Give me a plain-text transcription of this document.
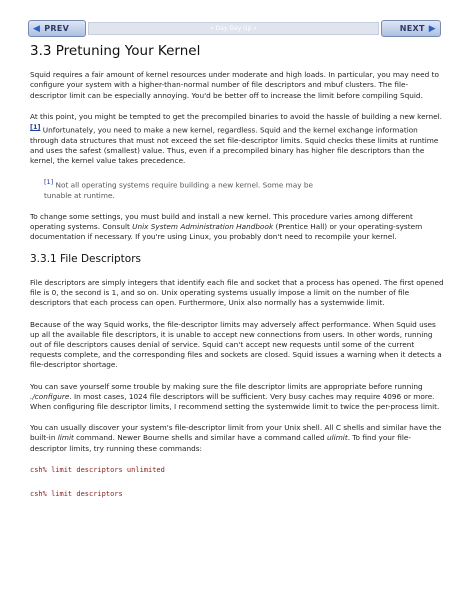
◀ PREV	« Day Day Up »	NEXT ▶
3.3 Pretuning Your Kernel

Squid requires a fair amount of kernel resources under moderate and high loads. In particular, you may need to configure your system with a higher-than-normal number of file descriptors and mbuf clusters. The file-descriptor limit can be especially annoying. You'd be better off to increase the limit before compiling Squid.

At this point, you might be tempted to get the precompiled binaries to avoid the hassle of building a new kernel. [1] Unfortunately, you need to make a new kernel, regardless. Squid and the kernel exchange information through data structures that must not exceed the set file-descriptor limits. Squid checks these limits at runtime and uses the safest (smallest) value. Thus, even if a precompiled binary has higher file descriptors than the kernel, the kernel value takes precedence.

[1] Not all operating systems require building a new kernel. Some may be tunable at runtime.

To change some settings, you must build and install a new kernel. This procedure varies among different operating systems. Consult Unix System Administration Handbook (Prentice Hall) or your operating-system documentation if necessary. If you're using Linux, you probably don't need to recompile your kernel.

3.3.1 File Descriptors

File descriptors are simply integers that identify each file and socket that a process has opened. The first opened file is 0, the second is 1, and so on. Unix operating systems usually impose a limit on the number of file descriptors that each process can open. Furthermore, Unix also normally has a systemwide limit.

Because of the way Squid works, the file-descriptor limits may adversely affect performance. When Squid uses up all the available file descriptors, it is unable to accept new connections from users. In other words, running out of file descriptors causes denial of service. Squid can't accept new requests until some of the current requests complete, and the corresponding files and sockets are closed. Squid issues a warning when it detects a file-descriptor shortage.

You can save yourself some trouble by making sure the file descriptor limits are appropriate before running ./configure. In most cases, 1024 file descriptors will be sufficient. Very busy caches may require 4096 or more. When configuring file descriptor limits, I recommend setting the systemwide limit to twice the per-process limit.

You can usually discover your system's file-descriptor limit from your Unix shell. All C shells and similar have the built-in limit command. Newer Bourne shells and similar have a command called ulimit. To find your file-descriptor limits, try running these commands:

csh% limit descriptors unlimited
csh% limit descriptors
